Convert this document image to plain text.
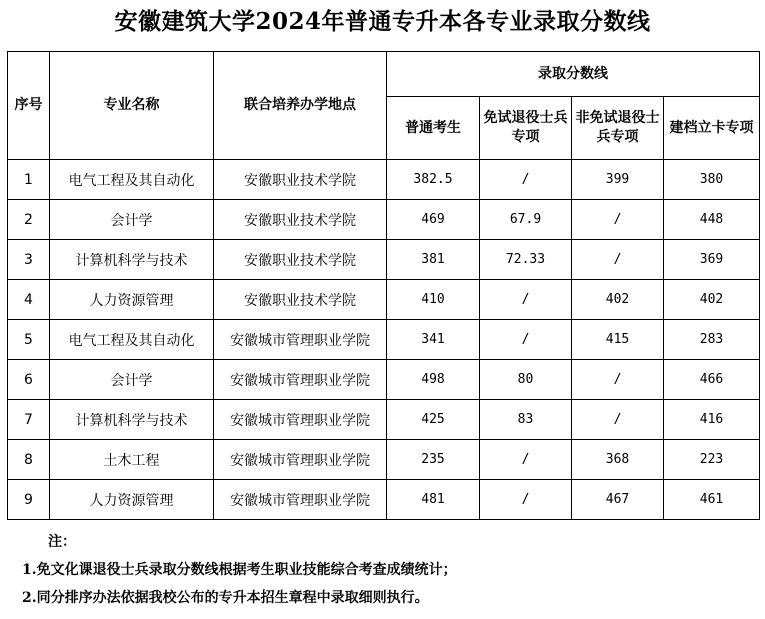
安徽建筑大学2024年普通专升本各专业录取分数线
序号	专业名称	联合培养办学地点	录取分数线			
			普通考生	免试退役士兵专项	非免试退役士兵专项	建档立卡专项
1	电气工程及其自动化	安徽职业技术学院	382.5	/	399	380
2	会计学	安徽职业技术学院	469	67.9	/	448
3	计算机科学与技术	安徽职业技术学院	381	72.33	/	369
4	人力资源管理	安徽职业技术学院	410	/	402	402
5	电气工程及其自动化	安徽城市管理职业学院	341	/	415	283
6	会计学	安徽城市管理职业学院	498	80	/	466
7	计算机科学与技术	安徽城市管理职业学院	425	83	/	416
8	土木工程	安徽城市管理职业学院	235	/	368	223
9	人力资源管理	安徽城市管理职业学院	481	/	467	461
注：
1.免文化课退役士兵录取分数线根据考生职业技能综合考查成绩统计；
2.同分排序办法依据我校公布的专升本招生章程中录取细则执行。
